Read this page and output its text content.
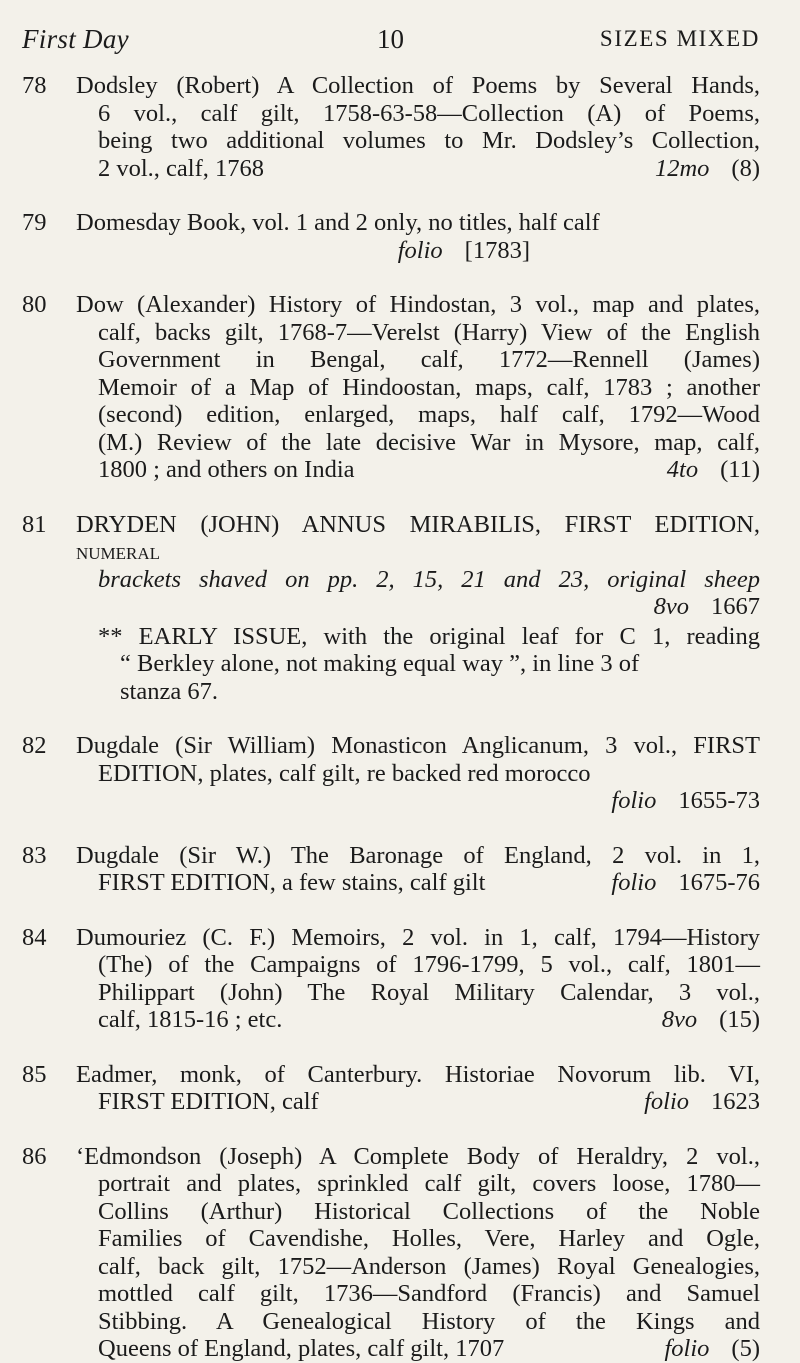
First Day	10	SIZES MIXED
78	Dodsley (Robert) A Collection of Poems by Several Hands,
6 vol., calf gilt, 1758-63-58—Collection (A) of Poems,
being two additional volumes to Mr. Dodsley’s Collection,
2 vol., calf, 1768	12mo (8)
79	Domesday Book, vol. 1 and 2 only, no titles, half calf
folio [1783]
80	Dow (Alexander) History of Hindostan, 3 vol., map and plates,
calf, backs gilt, 1768-7—Verelst (Harry) View of the English
Government in Bengal, calf, 1772—Rennell (James)
Memoir of a Map of Hindoostan, maps, calf, 1783 ; another
(second) edition, enlarged, maps, half calf, 1792—Wood
(M.) Review of the late decisive War in Mysore, map, calf,
1800 ; and others on India	4to (11)
81	DRYDEN (JOHN) ANNUS MIRABILIS, FIRST EDITION, numeral
brackets shaved on pp. 2, 15, 21 and 23, original sheep
8vo 1667
** EARLY ISSUE, with the original leaf for C 1, reading
“ Berkley alone, not making equal way ”, in line 3 of
stanza 67.
82	Dugdale (Sir William) Monasticon Anglicanum, 3 vol., FIRST
EDITION, plates, calf gilt, re backed red morocco
folio 1655-73
83	Dugdale (Sir W.) The Baronage of England, 2 vol. in 1,
FIRST EDITION, a few stains, calf gilt	folio 1675-76
84	Dumouriez (C. F.) Memoirs, 2 vol. in 1, calf, 1794—History
(The) of the Campaigns of 1796-1799, 5 vol., calf, 1801—
Philippart (John) The Royal Military Calendar, 3 vol.,
calf, 1815-16 ; etc.	8vo (15)
85	Eadmer, monk, of Canterbury. Historiae Novorum lib. VI,
FIRST EDITION, calf	folio 1623
86	‘Edmondson (Joseph) A Complete Body of Heraldry, 2 vol.,
portrait and plates, sprinkled calf gilt, covers loose, 1780—
Collins (Arthur) Historical Collections of the Noble
Families of Cavendishe, Holles, Vere, Harley and Ogle,
calf, back gilt, 1752—Anderson (James) Royal Genealogies,
mottled calf gilt, 1736—Sandford (Francis) and Samuel
Stibbing. A Genealogical History of the Kings and
Queens of England, plates, calf gilt, 1707	folio (5)
